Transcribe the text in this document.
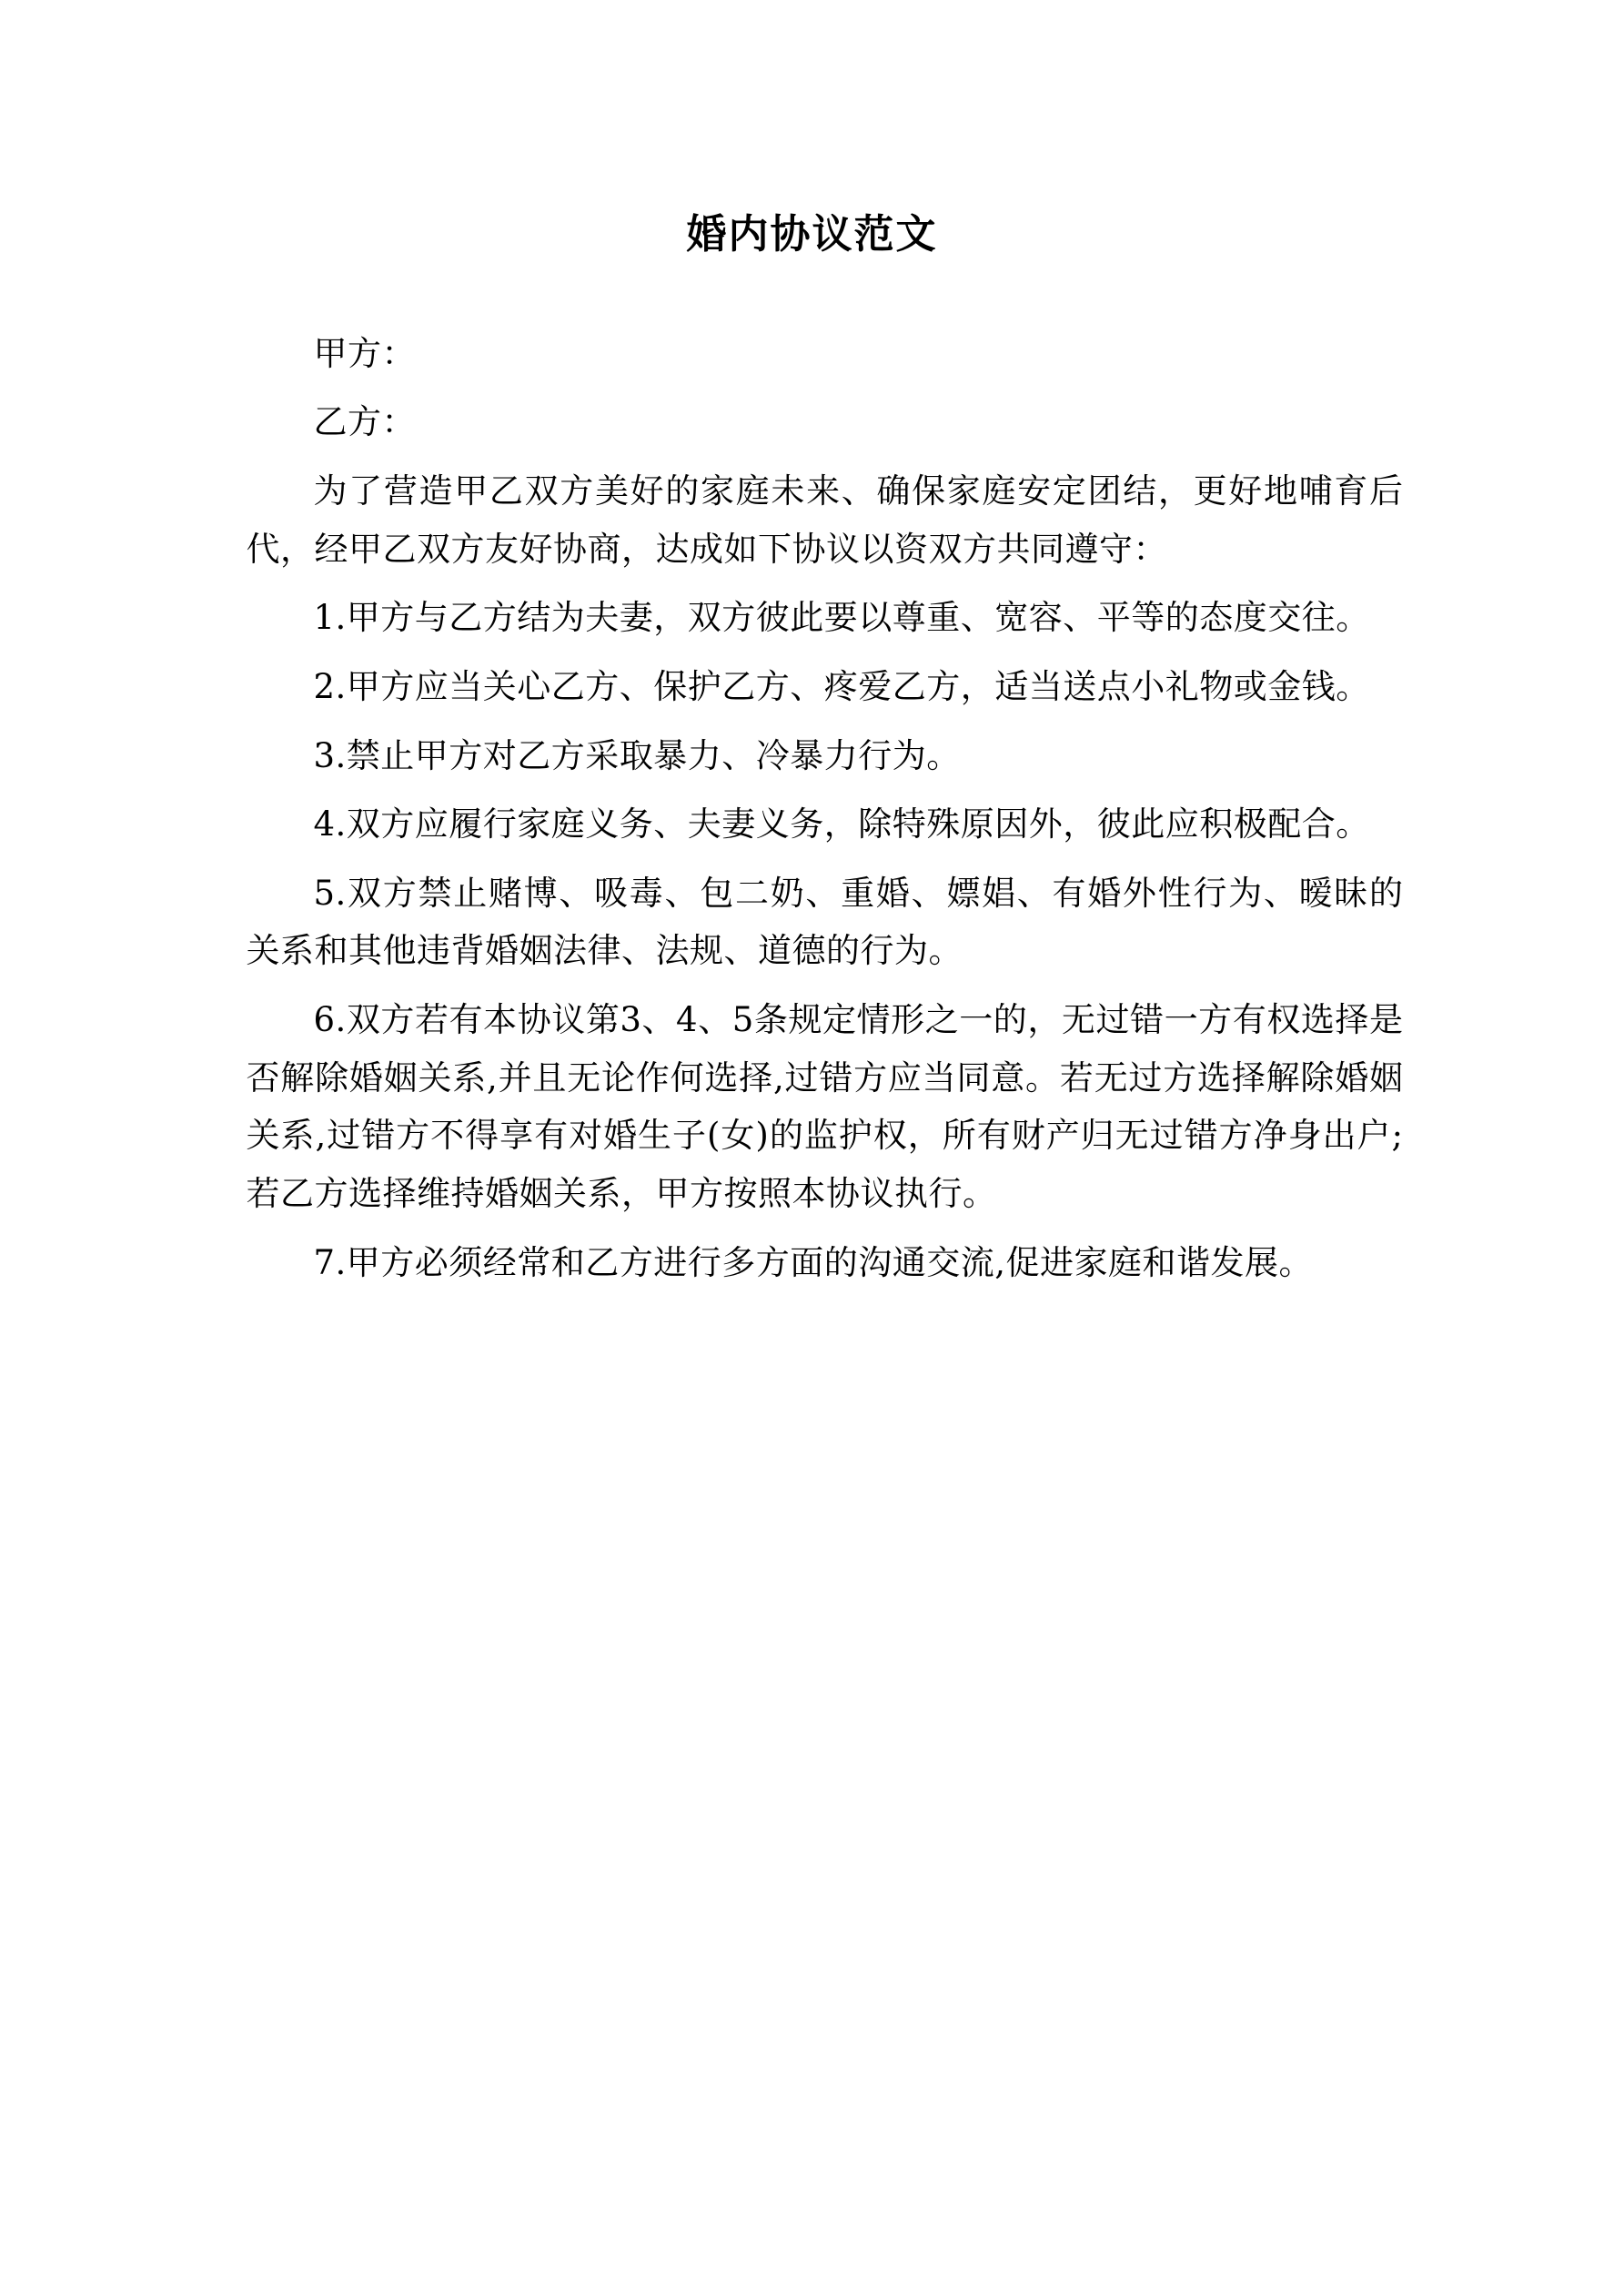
婚内协议范文

甲方：

乙方：

为了营造甲乙双方美好的家庭未来、确保家庭安定团结，更好地哺育后代，经甲乙双方友好协商，达成如下协议以资双方共同遵守：

1.甲方与乙方结为夫妻，双方彼此要以尊重、宽容、平等的态度交往。

2.甲方应当关心乙方、保护乙方、疼爱乙方，适当送点小礼物或金钱。

3.禁止甲方对乙方采取暴力、冷暴力行为。

4.双方应履行家庭义务、夫妻义务，除特殊原因外，彼此应积极配合。

5.双方禁止赌博、吸毒、包二奶、重婚、嫖娼、有婚外性行为、暧昧的关系和其他违背婚姻法律、法规、道德的行为。

6.双方若有本协议第3、4、5条规定情形之一的，无过错一方有权选择是否解除婚姻关系,并且无论作何选择,过错方应当同意。若无过方选择解除婚姻关系,过错方不得享有对婚生子(女)的监护权，所有财产归无过错方净身出户;若乙方选择维持婚姻关系，甲方按照本协议执行。

7.甲方必须经常和乙方进行多方面的沟通交流,促进家庭和谐发展。
